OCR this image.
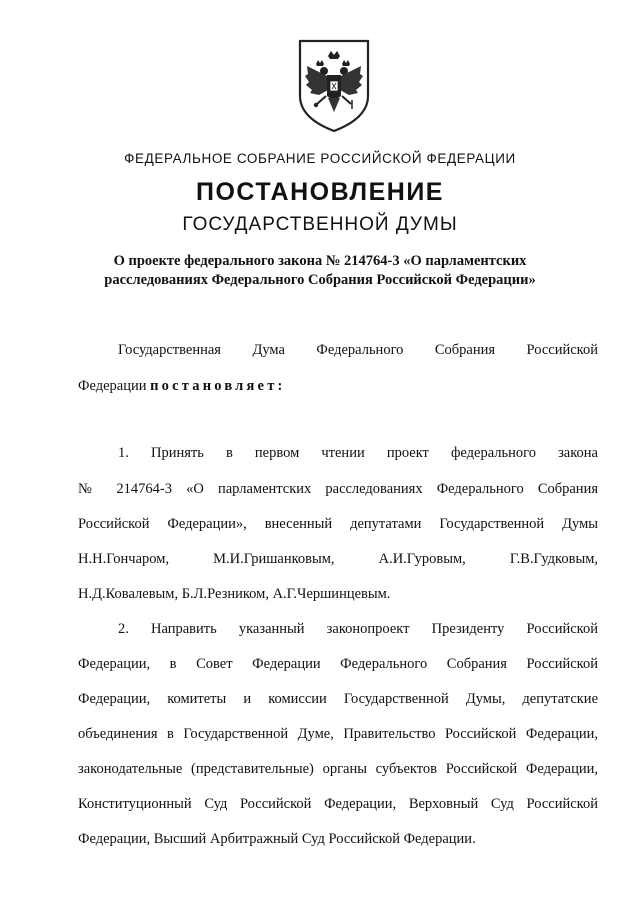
ФЕДЕРАЛЬНОЕ СОБРАНИЕ РОССИЙСКОЙ ФЕДЕРАЦИИ
ПОСТАНОВЛЕНИЕ
ГОСУДАРСТВЕННОЙ ДУМЫ
О проекте федерального закона № 214764-3 «О парламентских
расследованиях Федерального Собрания Российской Федерации»
Государственная Дума Федерального Собрания Российской
Федерации постановляет:
1. Принять в первом чтении проект федерального закона
№ 214764-3 «О парламентских расследованиях Федерального Собрания
Российской Федерации», внесенный депутатами Государственной Думы
Н.Н.Гончаром, М.И.Гришанковым, А.И.Гуровым, Г.В.Гудковым,
Н.Д.Ковалевым, Б.Л.Резником, А.Г.Чершинцевым.
2. Направить указанный законопроект Президенту Российской
Федерации, в Совет Федерации Федерального Собрания Российской
Федерации, комитеты и комиссии Государственной Думы, депутатские
объединения в Государственной Думе, Правительство Российской Федерации,
законодательные (представительные) органы субъектов Российской Федерации,
Конституционный Суд Российской Федерации, Верховный Суд Российской
Федерации, Высший Арбитражный Суд Российской Федерации.
